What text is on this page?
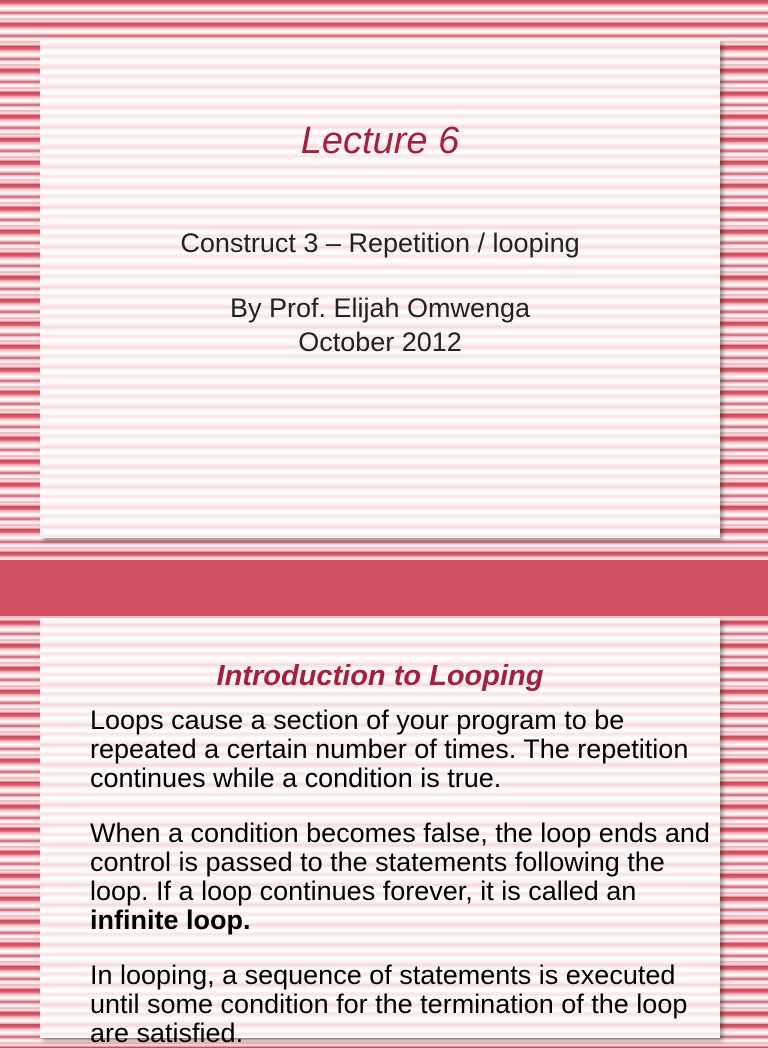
Lecture 6
Construct 3 – Repetition / looping
By Prof. Elijah Omwenga
October 2012
Introduction to Looping
Loops cause a section of your program to be repeated a certain number of times. The repetition continues while a condition is true.
When a condition becomes false, the loop ends and control is passed to the statements following the loop. If a loop continues forever, it is called an infinite loop.
In looping, a sequence of statements is executed until some condition for the termination of the loop are satisfied.
